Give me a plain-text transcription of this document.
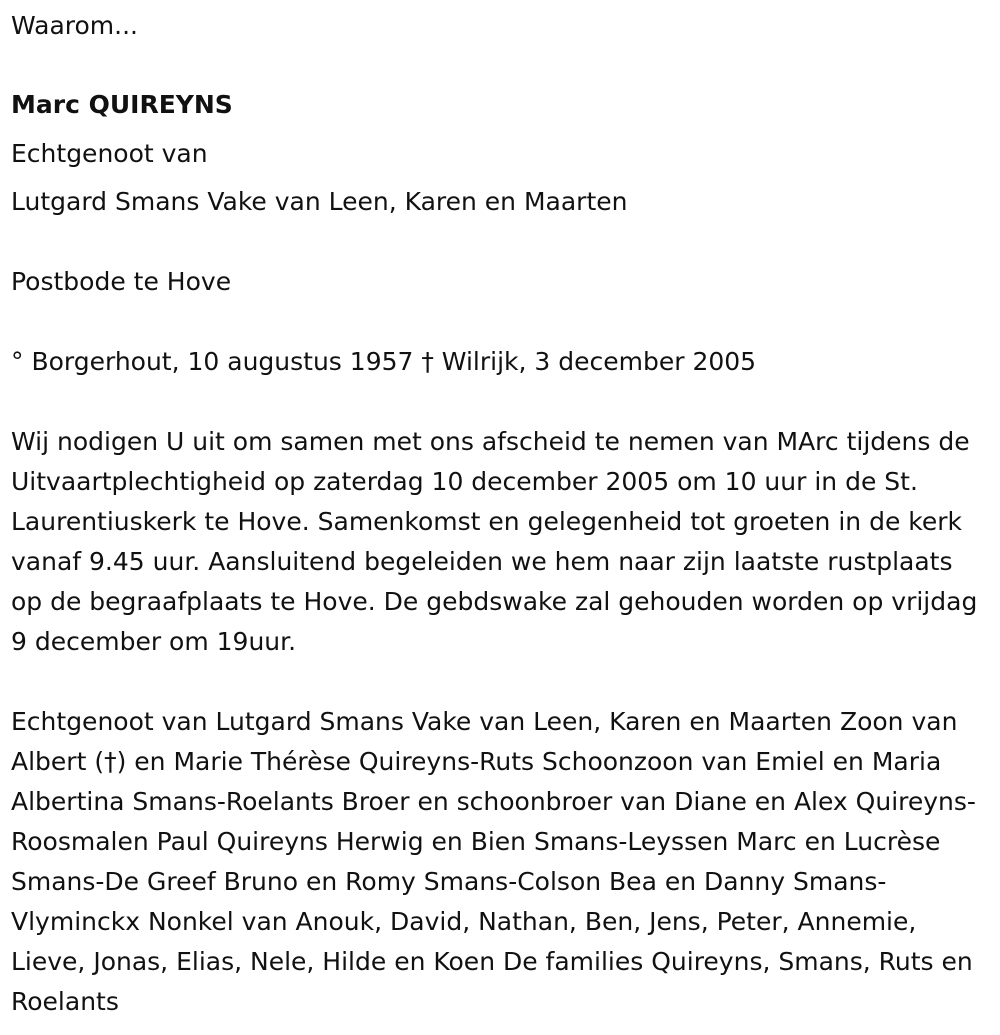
Waarom...

Marc QUIREYNS

Echtgenoot van

Lutgard Smans Vake van Leen, Karen en Maarten

Postbode te Hove

° Borgerhout, 10 augustus 1957 † Wilrijk, 3 december 2005

Wij nodigen U uit om samen met ons afscheid te nemen van MArc tijdens de Uitvaartplechtigheid op zaterdag 10 december 2005 om 10 uur in de St. Laurentiuskerk te Hove. Samenkomst en gelegenheid tot groeten in de kerk vanaf 9.45 uur. Aansluitend begeleiden we hem naar zijn laatste rustplaats op de begraafplaats te Hove. De gebdswake zal gehouden worden op vrijdag 9 december om 19uur.

Echtgenoot van Lutgard Smans Vake van Leen, Karen en Maarten Zoon van Albert (†) en Marie Thérèse Quireyns-Ruts Schoonzoon van Emiel en Maria Albertina Smans-Roelants Broer en schoonbroer van Diane en Alex Quireyns-Roosmalen Paul Quireyns Herwig en Bien Smans-Leyssen Marc en Lucrèse Smans-De Greef Bruno en Romy Smans-Colson Bea en Danny Smans-Vlyminckx Nonkel van Anouk, David, Nathan, Ben, Jens, Peter, Annemie, Lieve, Jonas, Elias, Nele, Hilde en Koen De families Quireyns, Smans, Ruts en Roelants
